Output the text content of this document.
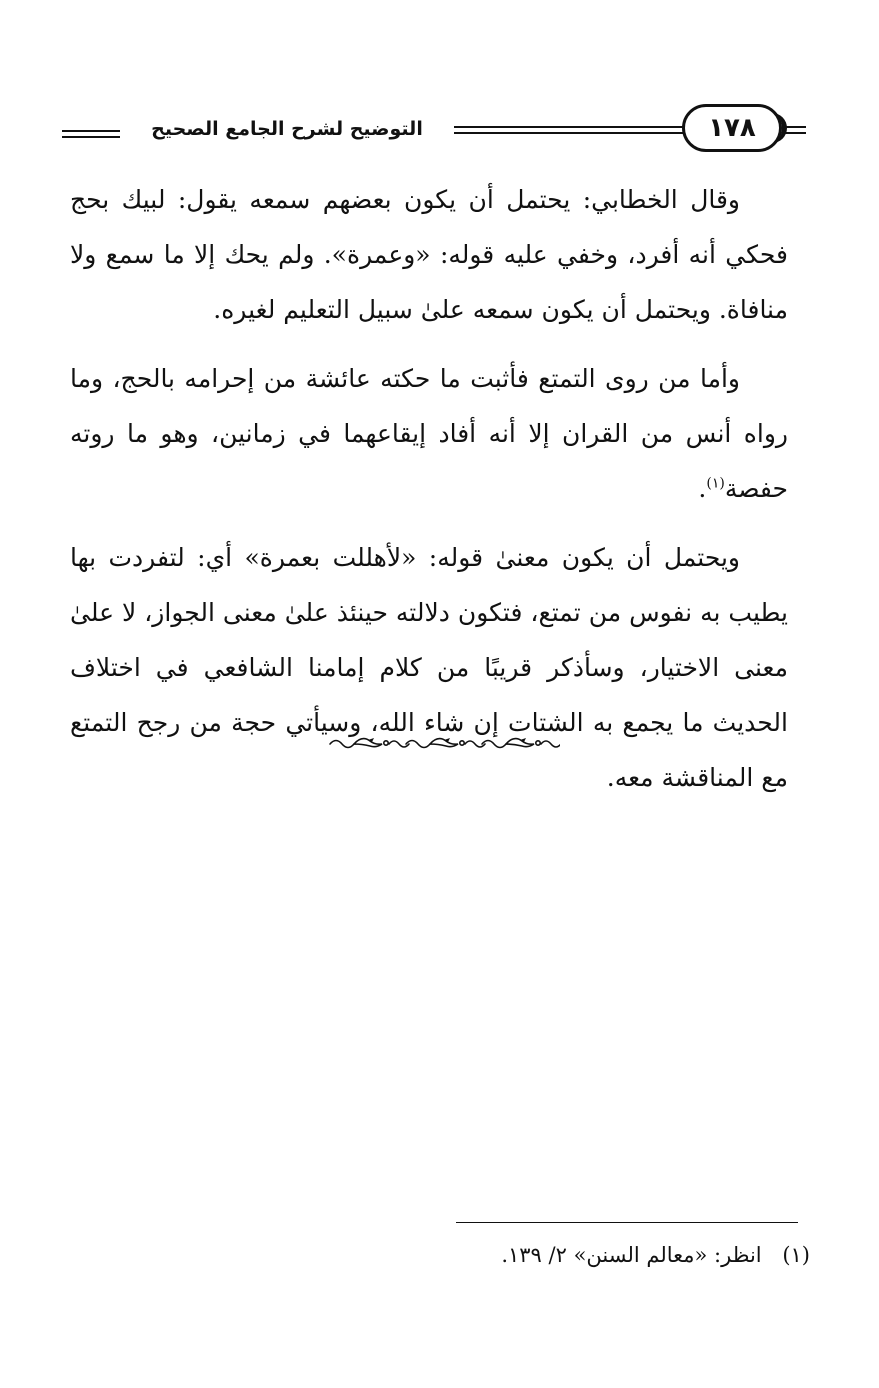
التوضيح لشرح الجامع الصحيح	١٧٨

وقال الخطابي: يحتمل أن يكون بعضهم سمعه يقول: لبيك بحج فحكي أنه أفرد، وخفي عليه قوله: «وعمرة». ولم يحك إلا ما سمع ولا منافاة. ويحتمل أن يكون سمعه علىٰ سبيل التعليم لغيره.

وأما من روى التمتع فأثبت ما حكته عائشة من إحرامه بالحج، وما رواه أنس من القران إلا أنه أفاد إيقاعهما في زمانين، وهو ما روته حفصة$^{(١)}$.

ويحتمل أن يكون معنىٰ قوله: «لأهللت بعمرة» أي: لتفردت بها يطيب به نفوس من تمتع، فتكون دلالته حينئذ علىٰ معنى الجواز، لا علىٰ معنى الاختيار، وسأذكر قريبًا من كلام إمامنا الشافعي في اختلاف الحديث ما يجمع به الشتات إن شاء الله، وسيأتي حجة من رجح التمتع مع المناقشة معه.

(١) انظر: «معالم السنن» ٢/ ١٣٩.
